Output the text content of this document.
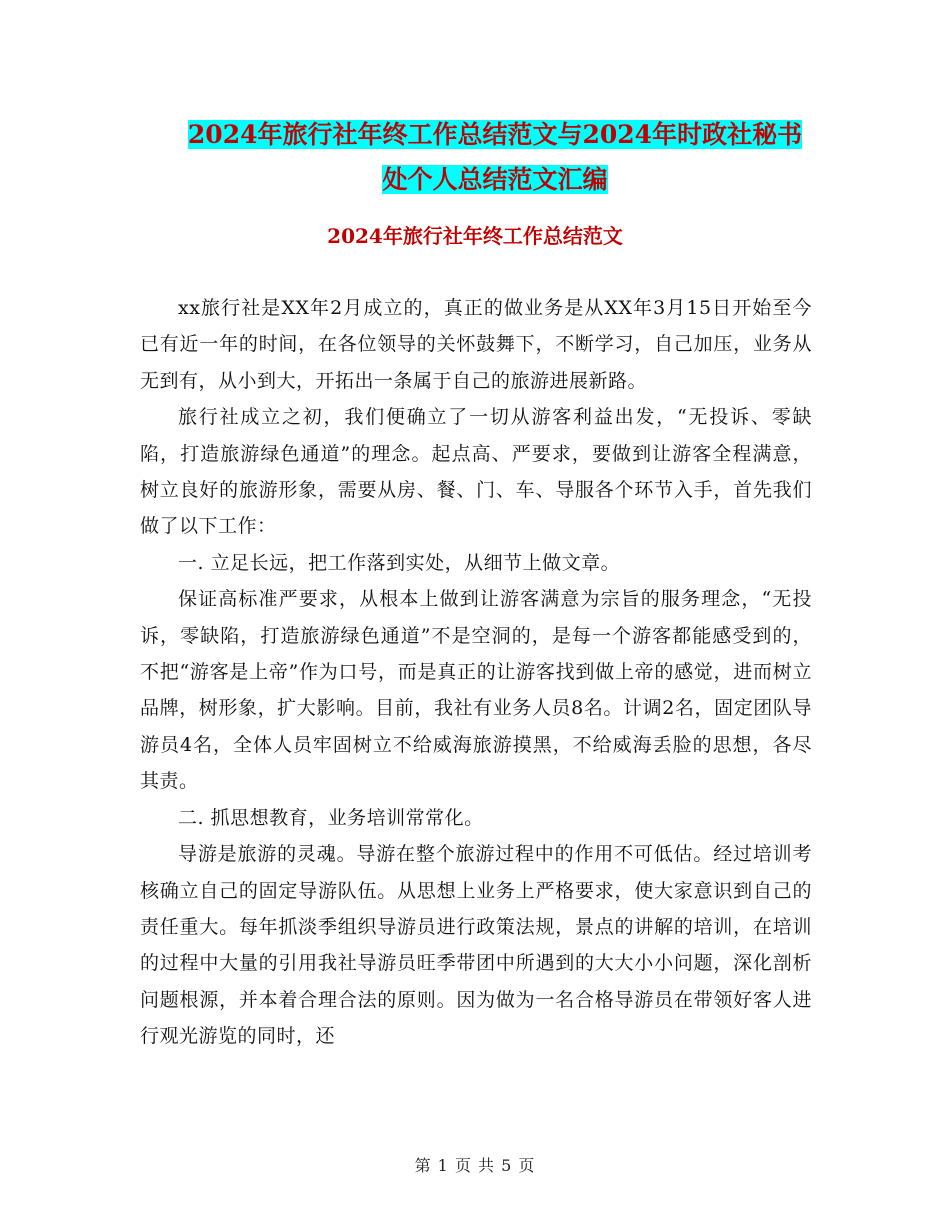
2024年旅行社年终工作总结范文与2024年时政社秘书
处个人总结范文汇编
2024年旅行社年终工作总结范文

xx旅行社是XX年2月成立的，真正的做业务是从XX年3月15日开始至今已有近一年的时间，在各位领导的关怀鼓舞下，不断学习，自己加压，业务从无到有，从小到大，开拓出一条属于自己的旅游进展新路。

旅行社成立之初，我们便确立了一切从游客利益出发，“无投诉、零缺陷，打造旅游绿色通道”的理念。起点高、严要求，要做到让游客全程满意，树立良好的旅游形象，需要从房、餐、门、车、导服各个环节入手，首先我们做了以下工作：

一. 立足长远，把工作落到实处，从细节上做文章。

保证高标准严要求，从根本上做到让游客满意为宗旨的服务理念，“无投诉，零缺陷，打造旅游绿色通道”不是空洞的，是每一个游客都能感受到的，不把“游客是上帝”作为口号，而是真正的让游客找到做上帝的感觉，进而树立品牌，树形象，扩大影响。目前，我社有业务人员8名。计调2名，固定团队导游员4名，全体人员牢固树立不给威海旅游摸黑，不给威海丢脸的思想，各尽其责。

二. 抓思想教育，业务培训常常化。

导游是旅游的灵魂。导游在整个旅游过程中的作用不可低估。经过培训考核确立自己的固定导游队伍。从思想上业务上严格要求，使大家意识到自己的责任重大。每年抓淡季组织导游员进行政策法规，景点的讲解的培训，在培训的过程中大量的引用我社导游员旺季带团中所遇到的大大小小问题，深化剖析问题根源，并本着合理合法的原则。因为做为一名合格导游员在带领好客人进行观光游览的同时，还

第 1 页 共 5 页
